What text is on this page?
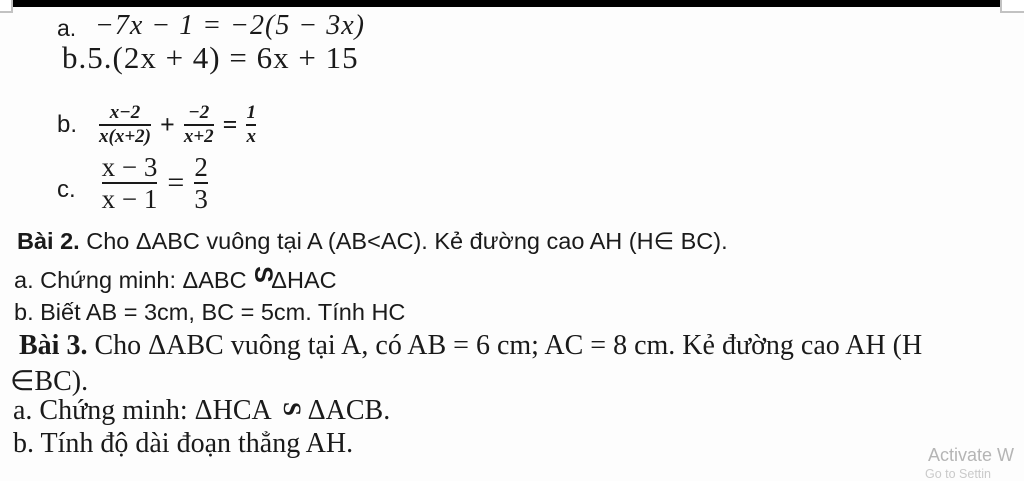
a. −7x − 1 = −2(5 − 3x)
b.5.(2x + 4) = 6x + 15
b. $\frac{x-2}{x(x+2)} + \frac{-2}{x+2} = \frac{1}{x}$
c. $\frac{x - 3}{x - 1} = \frac{2}{3}$
Bài 2. Cho ΔABC vuông tại A (AB<AC). Kẻ đường cao AH (H∈ BC).
a. Chứng minh: ΔABCSΔHAC
b. Biết AB = 3cm, BC = 5cm. Tính HC
Bài 3. Cho ΔABC vuông tại A, có AB = 6 cm; AC = 8 cm. Kẻ đường cao AH (H
∈BC).
a. Chứng minh: ΔHCA S ΔACB.
b. Tính độ dài đoạn thẳng AH.	Activate W
Go to Settin
